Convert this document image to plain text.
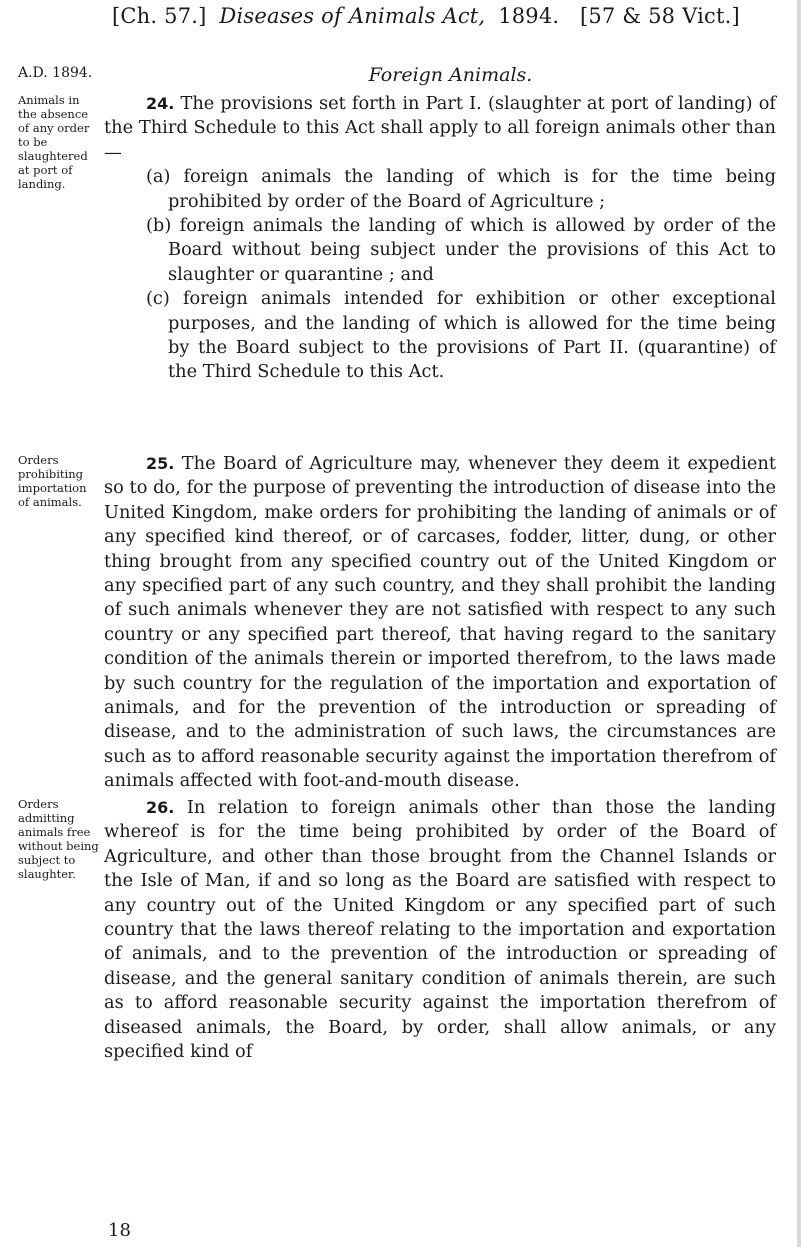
[Ch. 57.] Diseases of Animals Act, 1894. [57 & 58 Vict.]
A.D. 1894.	Foreign Animals.
Animals in the absence of any order to be slaughtered at port of landing.
Orders prohibiting importation of animals.
Orders admitting animals free without being subject to slaughter.

24. The provisions set forth in Part I. (slaughter at port of landing) of the Third Schedule to this Act shall apply to all foreign animals other than—

(a) foreign animals the landing of which is for the time being prohibited by order of the Board of Agriculture ;

(b) foreign animals the landing of which is allowed by order of the Board without being subject under the provisions of this Act to slaughter or quarantine ; and

(c) foreign animals intended for exhibition or other exceptional purposes, and the landing of which is allowed for the time being by the Board subject to the provisions of Part II. (quarantine) of the Third Schedule to this Act.

25. The Board of Agriculture may, whenever they deem it expedient so to do, for the purpose of preventing the introduction of disease into the United Kingdom, make orders for prohibiting the landing of animals or of any specified kind thereof, or of carcases, fodder, litter, dung, or other thing brought from any specified country out of the United Kingdom or any specified part of any such country, and they shall prohibit the landing of such animals whenever they are not satisfied with respect to any such country or any specified part thereof, that having regard to the sanitary condition of the animals therein or imported therefrom, to the laws made by such country for the regulation of the importation and exportation of animals, and for the prevention of the introduction or spreading of disease, and to the administration of such laws, the circumstances are such as to afford reasonable security against the importation therefrom of animals affected with foot-and-mouth disease.

26. In relation to foreign animals other than those the landing whereof is for the time being prohibited by order of the Board of Agriculture, and other than those brought from the Channel Islands or the Isle of Man, if and so long as the Board are satisfied with respect to any country out of the United Kingdom or any specified part of such country that the laws thereof relating to the importation and exportation of animals, and to the prevention of the introduction or spreading of disease, and the general sanitary condition of animals therein, are such as to afford reasonable security against the importation therefrom of diseased animals, the Board, by order, shall allow animals, or any specified kind of

18
